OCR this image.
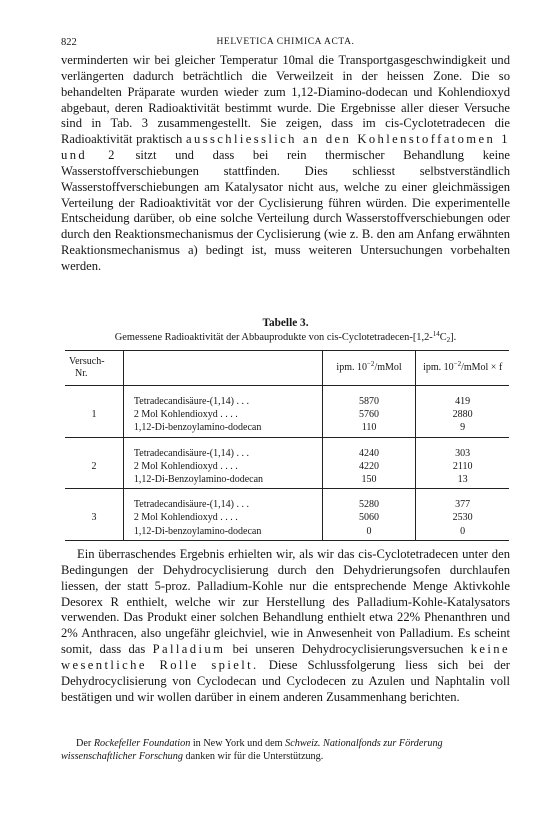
822	HELVETICA CHIMICA ACTA.

verminderten wir bei gleicher Temperatur 10mal die Transportgasgeschwindigkeit und verlängerten dadurch beträchtlich die Verweilzeit in der heissen Zone. Die so behandelten Präparate wurden wieder zum 1,12-Diamino-dodecan und Kohlendioxyd abgebaut, deren Radioaktivität bestimmt wurde. Die Ergebnisse aller dieser Versuche sind in Tab. 3 zusammengestellt. Sie zeigen, dass im cis-Cyclotetradecen die Radioaktivität praktisch ausschliesslich an den Kohlenstoffatomen 1 und 2 sitzt und dass bei rein thermischer Behandlung keine Wasserstoffverschiebungen stattfinden. Dies schliesst selbstverständlich Wasserstoffverschiebungen am Katalysator nicht aus, welche zu einer gleichmässigen Verteilung der Radioaktivität vor der Cyclisierung führen würden. Die experimentelle Entscheidung darüber, ob eine solche Verteilung durch Wasserstoffverschiebungen oder durch den Reaktionsmechanismus der Cyclisierung (wie z. B. den am Anfang erwähnten Reaktionsmechanismus a) bedingt ist, muss weiteren Untersuchungen vorbehalten werden.

Tabelle 3.
Gemessene Radioaktivität der Abbauprodukte von cis-$Cyclotetradecen-[1,2-^{14}C_2]$.
Versuch-
Nr.		ipm. $10^{-2}$/mMol	ipm. $10^{-2}$/mMol × f
	Tetradecandisäure-(1,14) . . .	5870	419
1	2 Mol Kohlendioxyd . . . .	5760	2880
	1,12-Di-benzoylamino-dodecan	110	9
	Tetradecandisäure-(1,14) . . .	4240	303
2	2 Mol Kohlendioxyd . . . .	4220	2110
	1,12-Di-Benzoylamino-dodecan	150	13
	Tetradecandisäure-(1,14) . . .	5280	377
3	2 Mol Kohlendioxyd . . . .	5060	2530
	1,12-Di-benzoylamino-dodecan	0	0

Ein überraschendes Ergebnis erhielten wir, als wir das cis-Cyclotetradecen unter den Bedingungen der Dehydrocyclisierung durch den Dehydrierungsofen durchlaufen liessen, der statt 5-proz. Palladium-Kohle nur die entsprechende Menge Aktivkohle Desorex R enthielt, welche wir zur Herstellung des Palladium-Kohle-Katalysators verwenden. Das Produkt einer solchen Behandlung enthielt etwa 22% Phenanthren und 2% Anthracen, also ungefähr gleichviel, wie in Anwesenheit von Palladium. Es scheint somit, dass das Palladium bei unseren Dehydrocyclisierungsversuchen keine wesentliche Rolle spielt. Diese Schlussfolgerung liess sich bei der Dehydrocyclisierung von Cyclodecan und Cyclodecen zu Azulen und Naphtalin voll bestätigen und wir wollen darüber in einem anderen Zusammenhang berichten.

Der Rockefeller Foundation in New York und dem Schweiz. Nationalfonds zur Förderung wissenschaftlicher Forschung danken wir für die Unterstützung.
